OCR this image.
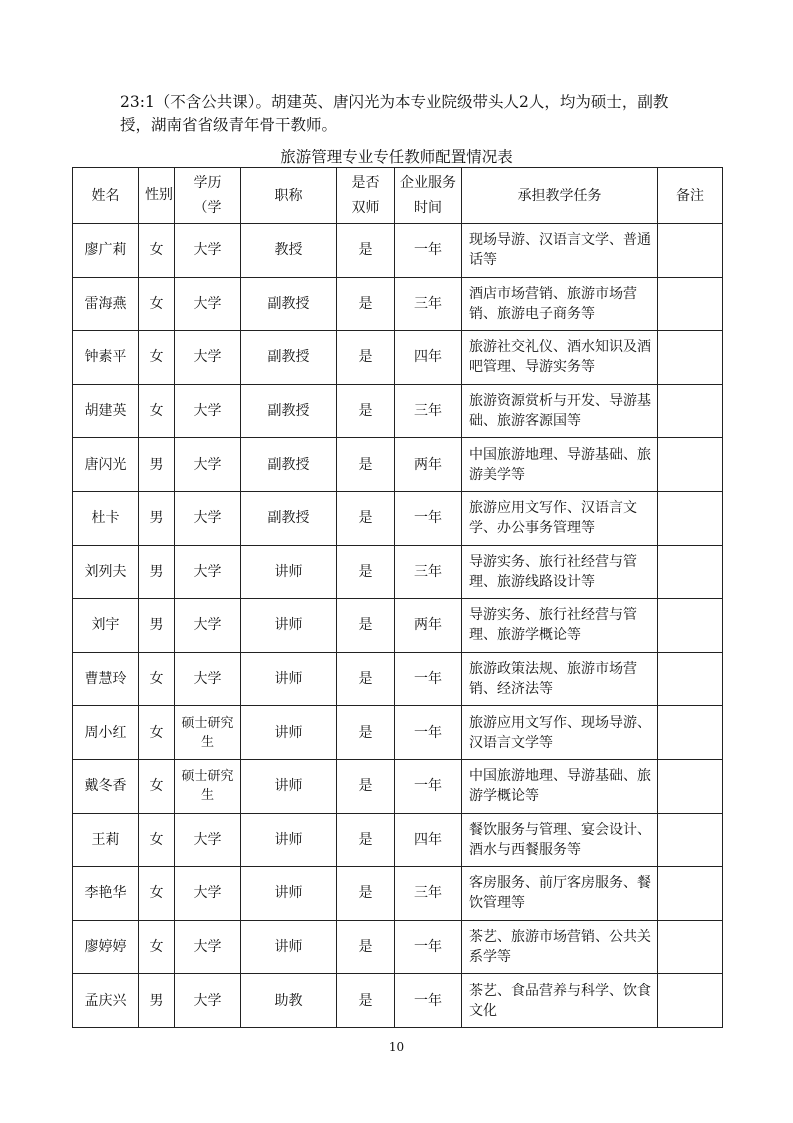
23:1（不含公共课）。胡建英、唐闪光为本专业院级带头人2人，均为硕士，副教授，湖南省省级青年骨干教师。

旅游管理专业专任教师配置情况表

姓名	性别	学历（学	职称	是否双师	企业服务时间	承担教学任务	备注
廖广莉	女	大学	教授	是	一年	现场导游、汉语言文学、普通话等	
雷海燕	女	大学	副教授	是	三年	酒店市场营销、旅游市场营销、旅游电子商务等	
钟素平	女	大学	副教授	是	四年	旅游社交礼仪、酒水知识及酒吧管理、导游实务等	
胡建英	女	大学	副教授	是	三年	旅游资源赏析与开发、导游基础、旅游客源国等	
唐闪光	男	大学	副教授	是	两年	中国旅游地理、导游基础、旅游美学等	
杜卡	男	大学	副教授	是	一年	旅游应用文写作、汉语言文学、办公事务管理等	
刘列夫	男	大学	讲师	是	三年	导游实务、旅行社经营与管理、旅游线路设计等	
刘宇	男	大学	讲师	是	两年	导游实务、旅行社经营与管理、旅游学概论等	
曹慧玲	女	大学	讲师	是	一年	旅游政策法规、旅游市场营销、经济法等	
周小红	女	硕士研究生	讲师	是	一年	旅游应用文写作、现场导游、汉语言文学等	
戴冬香	女	硕士研究生	讲师	是	一年	中国旅游地理、导游基础、旅游学概论等	
王莉	女	大学	讲师	是	四年	餐饮服务与管理、宴会设计、酒水与西餐服务等	
李艳华	女	大学	讲师	是	三年	客房服务、前厅客房服务、餐饮管理等	
廖婷婷	女	大学	讲师	是	一年	茶艺、旅游市场营销、公共关系学等	
孟庆兴	男	大学	助教	是	一年	茶艺、食品营养与科学、饮食文化	

10
